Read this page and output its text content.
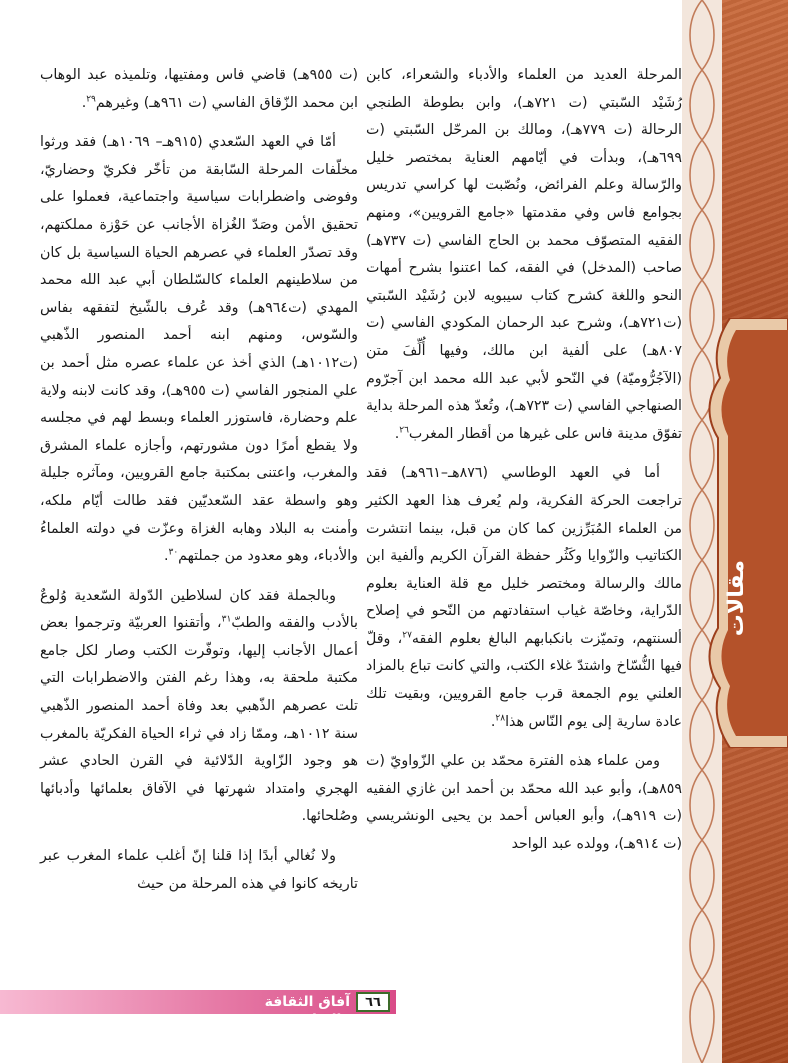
مقالات

المرحلة العديد من العلماء والأدباء والشعراء، كابن رُشَيْد السّبتي (ت ٧٢١هـ)، وابن بطوطة الطنجي الرحالة (ت ٧٧٩هـ)، ومالك بن المرحّل السّبتي (ت ٦٩٩هـ)، وبدأت في أيّامهم العناية بمختصر خليل والرّسالة وعلم الفرائض، ونُصّبت لها كراسي تدريس بجوامع فاس وفي مقدمتها «جامع القرويين»، ومنهم الفقيه المتصوّف محمد بن الحاج الفاسي (ت ٧٣٧هـ) صاحب (المدخل) في الفقه، كما اعتنوا بشرح أمهات النحو واللغة كشرح كتاب سيبويه لابن رُشَيْد السّبتي (ت٧٢١هـ)، وشرح عبد الرحمان المكودي الفاسي (ت ٨٠٧هـ) على ألفية ابن مالك، وفيها أُلِّفَ متن (الآجُرُّوميّة) في النّحو لأبي عبد الله محمد ابن آجرّوم الصنهاجي الفاسي (ت ٧٢٣هـ)، وتُعدّ هذه المرحلة بداية تفوّق مدينة فاس على غيرها من أقطار المغرب$^{٢٦}$.

أما في العهد الوطاسي (٨٧٦هـ–٩٦١هـ) فقد تراجعت الحركة الفكرية، ولم يُعرف هذا العهد الكثير من العلماء المُبَرِّزين كما كان من قبل، بينما انتشرت الكتاتيب والزّوايا وكَثُر حفظة القرآن الكريم وألفية ابن مالك والرسالة ومختصر خليل مع قلة العناية بعلوم الدّراية، وخاصّة غياب استفادتهم من النّحو في إصلاح ألسنتهم، وتميّزت بانكبابهم البالغ بعلوم الفقه$^{٢٧}$، وقلّ فيها النُّسّاخ واشتدّ غلاء الكتب، والتي كانت تباع بالمزاد العلني يوم الجمعة قرب جامع القرويين، وبقيت تلك عادة سارية إلى يوم النّاس هذا$^{٢٨}$.

ومن علماء هذه الفترة محمّد بن علي الزّواويّ (ت ٨٥٩هـ)، وأبو عبد الله محمّد بن أحمد ابن غازي الفقيه (ت ٩١٩هـ)، وأبو العباس أحمد بن يحيى الونشريسي (ت ٩١٤هـ)، وولده عبد الواحد

(ت ٩٥٥هـ) قاضي فاس ومفتيها، وتلميذه عبد الوهاب ابن محمد الزّقاق الفاسي (ت ٩٦١هـ) وغيرهم$^{٢٩}$.

أمّا في العهد السّعدي (٩١٥هـ– ١٠٦٩هـ) فقد ورثوا مخلّفات المرحلة السّابقة من تأخّر فكريّ وحضاريّ، وفوضى واضطرابات سياسية واجتماعية، فعملوا على تحقيق الأمن وصَدّ الغُزاة الأجانب عن حَوْزة مملكتهم، وقد تصدّر العلماء في عصرهم الحياة السياسية بل كان من سلاطينهم العلماء كالسّلطان أبي عبد الله محمد المهدي (ت٩٦٤هـ) وقد عُرف بالشّيخ لتفقهه بفاس والسّوس، ومنهم ابنه أحمد المنصور الذّهبي (ت١٠١٢هـ) الذي أخذ عن علماء عصره مثل أحمد بن علي المنجور الفاسي (ت ٩٥٥هـ)، وقد كانت لابنه ولاية علم وحضارة، فاستوزر العلماء وبسط لهم في مجلسه ولا يقطع أمرًا دون مشورتهم، وأجازه علماء المشرق والمغرب، واعتنى بمكتبة جامع القرويين، ومآثره جليلة وهو واسطة عقد السّعديّين فقد طالت أيّام ملكه، وأمنت به البلاد وهابه الغزاة وعزّت في دولته العلماءُ والأدباء، وهو معدود من جملتهم$^{٣٠}$.

وبالجملة فقد كان لسلاطين الدّولة السّعدية وُلوعٌ بالأدب والفقه والطبّ$^{٣١}$، وأتقنوا العربيّة وترجموا بعض أعمال الأجانب إليها، وتوفّرت الكتب وصار لكل جامع مكتبة ملحقة به، وهذا رغم الفتن والاضطرابات التي تلت عصرهم الذّهبي بعد وفاة أحمد المنصور الذّهبي سنة ١٠١٢هـ، وممّا زاد في ثراء الحياة الفكريّة بالمغرب هو وجود الزّاوية الدّلائية في القرن الحادي عشر الهجري وامتداد شهرتها في الآفاق بعلمائها وأدبائها وصُلحائها.

ولا نُغالي أبدًا إذا قلنا إنّ أغلب علماء المغرب عبر تاريخه كانوا في هذه المرحلة من حيث

آفاق الثقافة والتراث
٦٦
